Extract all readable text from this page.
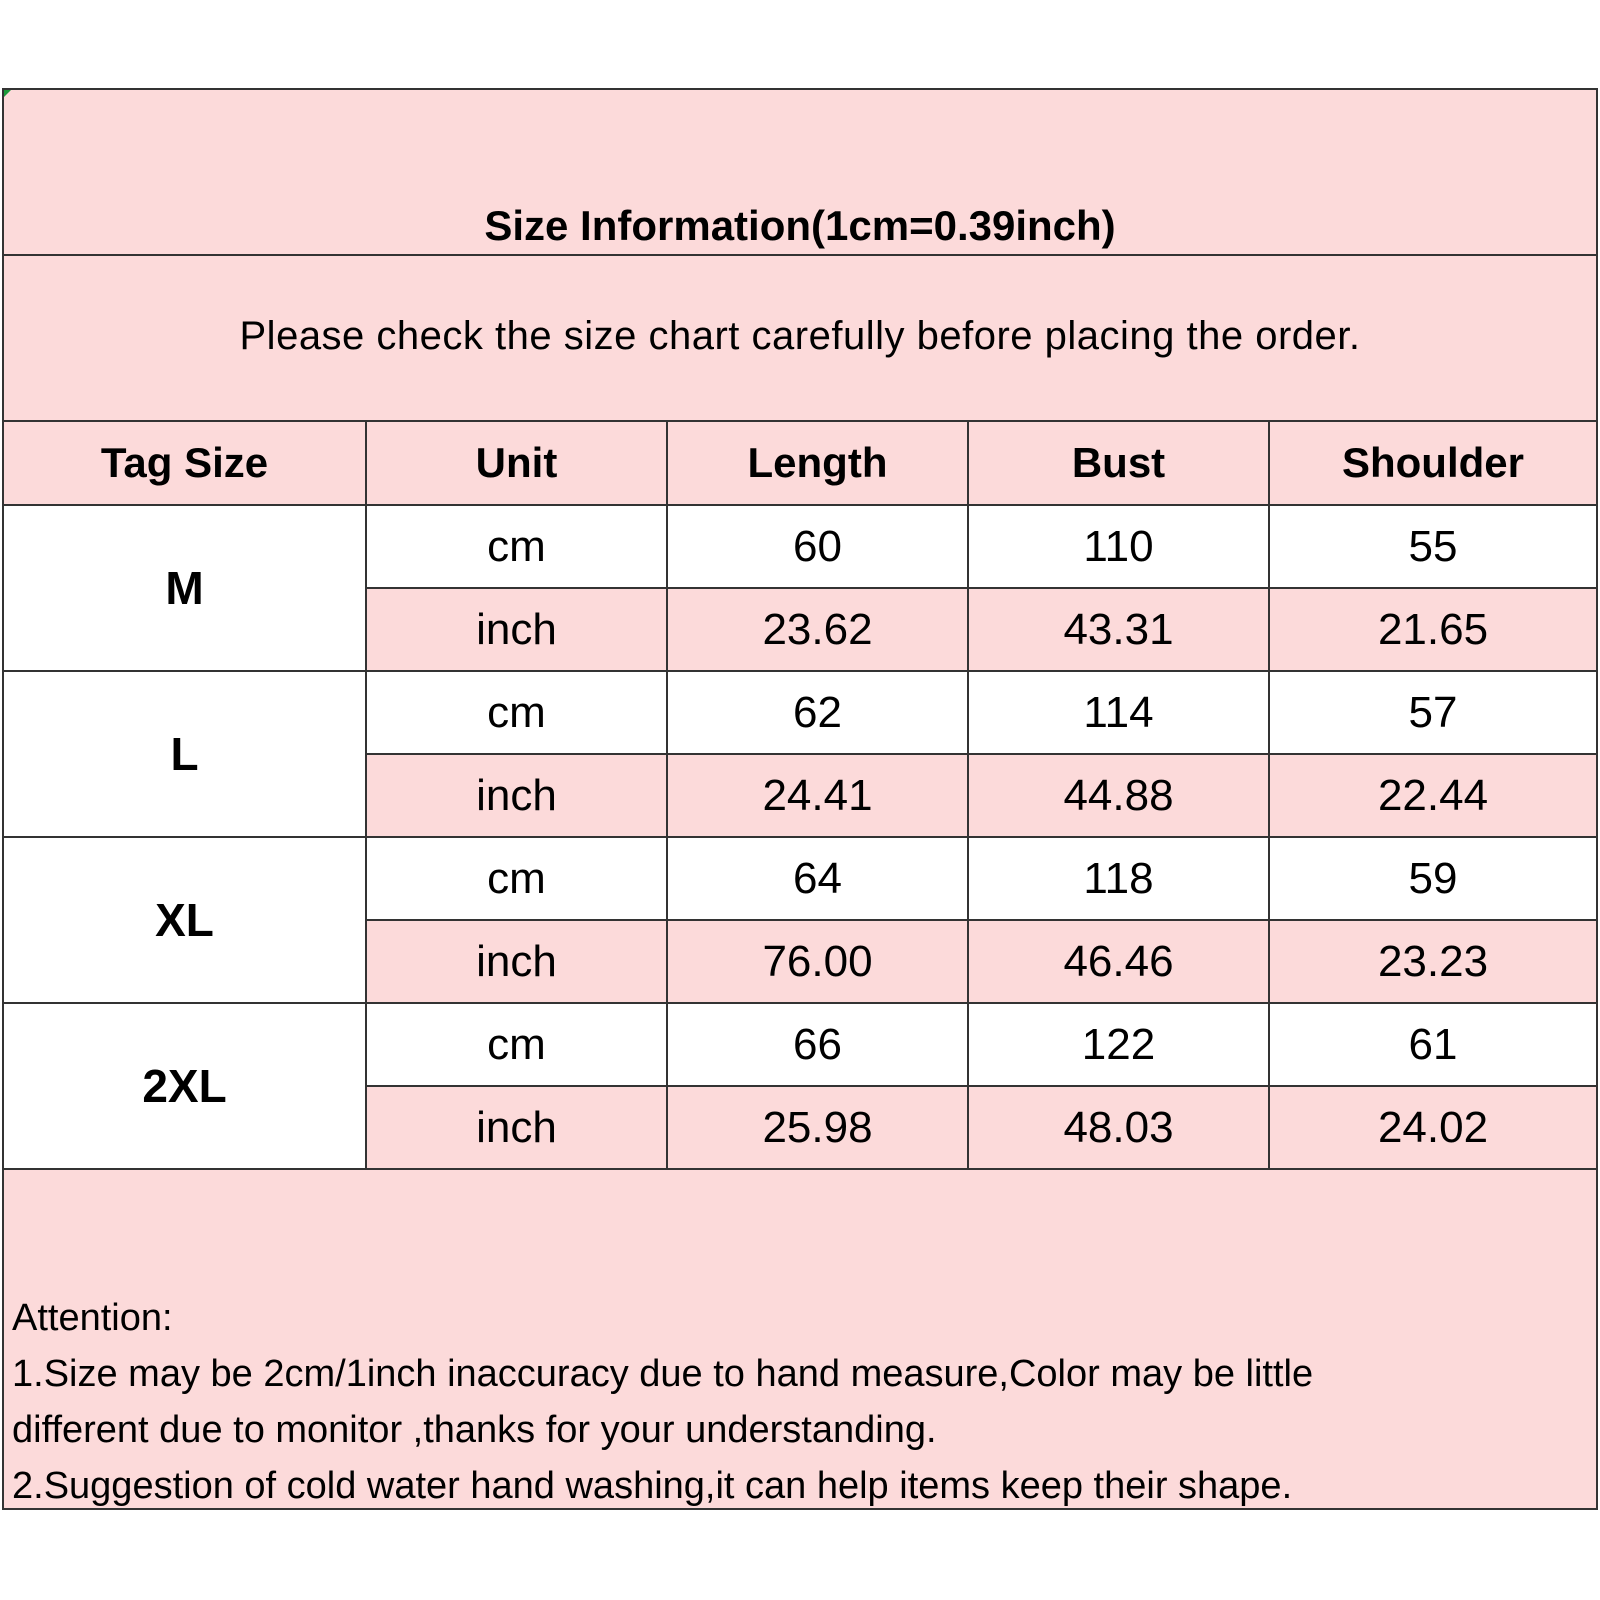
Size Information(1cm=0.39inch)
Please check the size chart carefully before placing the order.
Tag Size	Unit	Length	Bust	Shoulder
M	cm	60	110	55
	inch	23.62	43.31	21.65
L	cm	62	114	57
	inch	24.41	44.88	22.44
XL	cm	64	118	59
	inch	76.00	46.46	23.23
2XL	cm	66	122	61
	inch	25.98	48.03	24.02
Attention:
1.Size may be 2cm/1inch inaccuracy due to hand measure,Color may be little
different due to monitor ,thanks for your understanding.
2.Suggestion of cold water hand washing,it can help items keep their shape.
